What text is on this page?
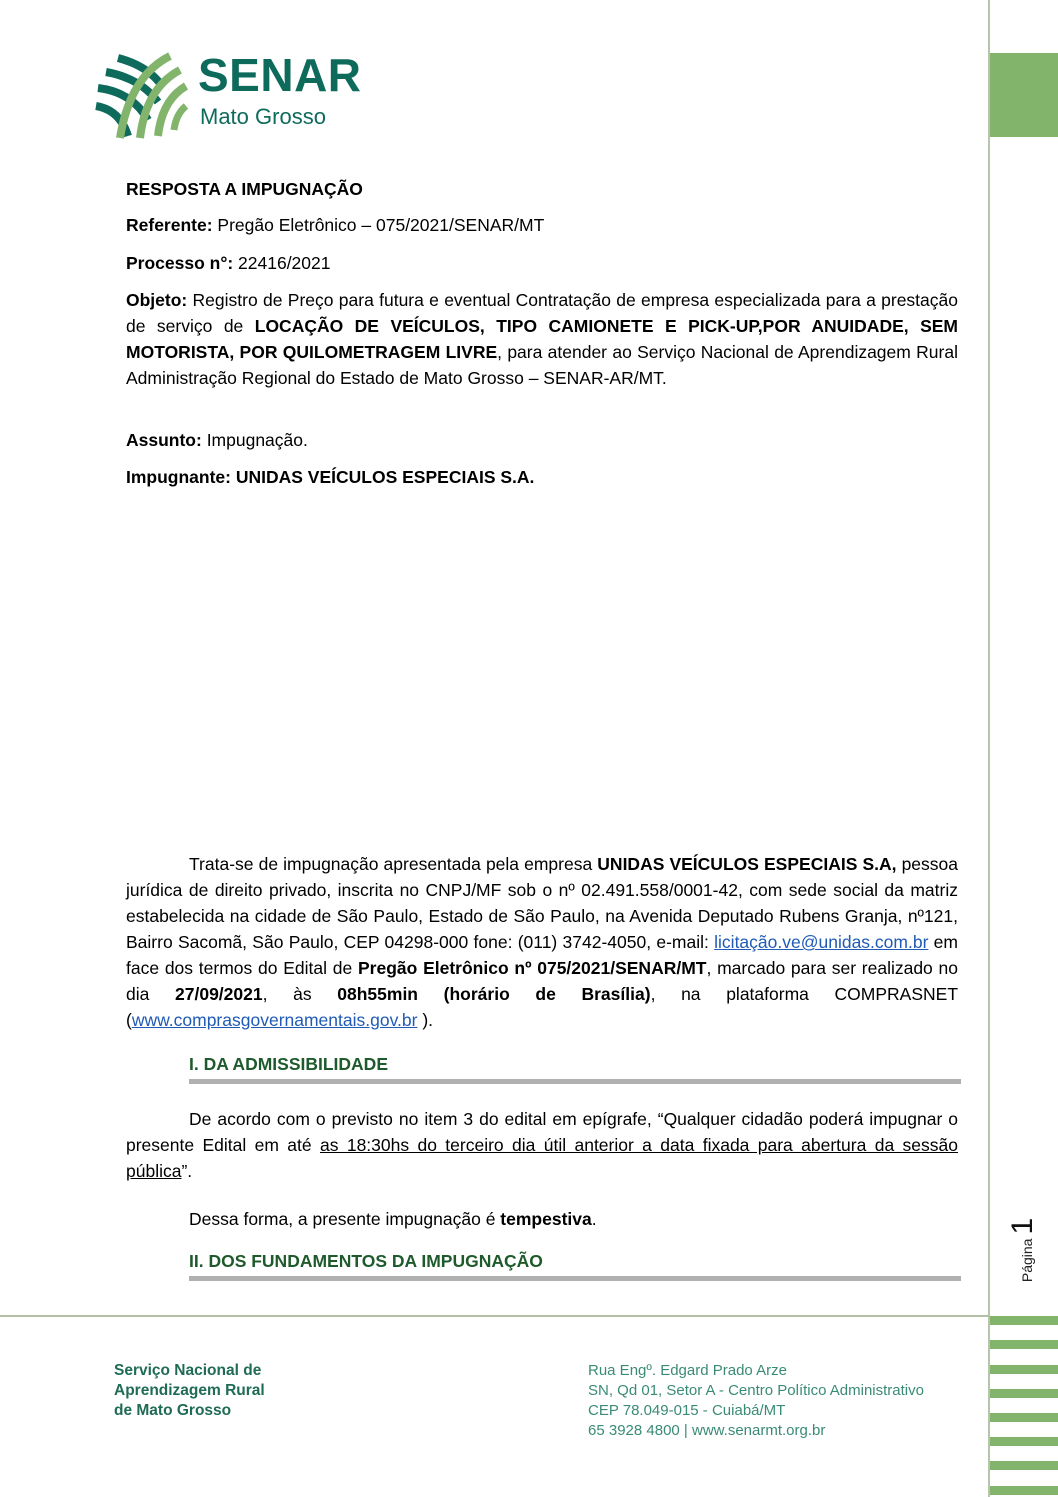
Página
1
SENAR
Mato Grosso

RESPOSTA A IMPUGNAÇÃO

Referente: Pregão Eletrônico – 075/2021/SENAR/MT

Processo n°: 22416/2021

Objeto: Registro de Preço para futura e eventual Contratação de empresa especializada para a prestação de serviço de LOCAÇÃO DE VEÍCULOS, TIPO CAMIONETE E PICK-UP,POR ANUIDADE, SEM MOTORISTA, POR QUILOMETRAGEM LIVRE, para atender ao Serviço Nacional de Aprendizagem Rural Administração Regional do Estado de Mato Grosso – SENAR-AR/MT.

Assunto: Impugnação.

Impugnante: UNIDAS VEÍCULOS ESPECIAIS S.A.

Trata-se de impugnação apresentada pela empresa UNIDAS VEÍCULOS ESPECIAIS S.A, pessoa jurídica de direito privado, inscrita no CNPJ/MF sob o nº 02.491.558/0001-42, com sede social da matriz estabelecida na cidade de São Paulo, Estado de São Paulo, na Avenida Deputado Rubens Granja, nº121, Bairro Sacomã, São Paulo, CEP 04298-000 fone: (011) 3742-4050, e-mail: licitação.ve@unidas.com.br em face dos termos do Edital de Pregão Eletrônico nº 075/2021/SENAR/MT, marcado para ser realizado no dia 27/09/2021, às 08h55min (horário de Brasília), na plataforma COMPRASNET (www.comprasgovernamentais.gov.br ).

I. DA ADMISSIBILIDADE

De acordo com o previsto no item 3 do edital em epígrafe, “Qualquer cidadão poderá impugnar o presente Edital em até as 18:30hs do terceiro dia útil anterior a data fixada para abertura da sessão pública”.

Dessa forma, a presente impugnação é tempestiva.

II. DOS FUNDAMENTOS DA IMPUGNAÇÃO
Serviço Nacional de
Aprendizagem Rural
de Mato Grosso
Rua Engº. Edgard Prado Arze
SN, Qd 01, Setor A - Centro Político Administrativo
CEP 78.049-015 - Cuiabá/MT
65 3928 4800 | www.senarmt.org.br
